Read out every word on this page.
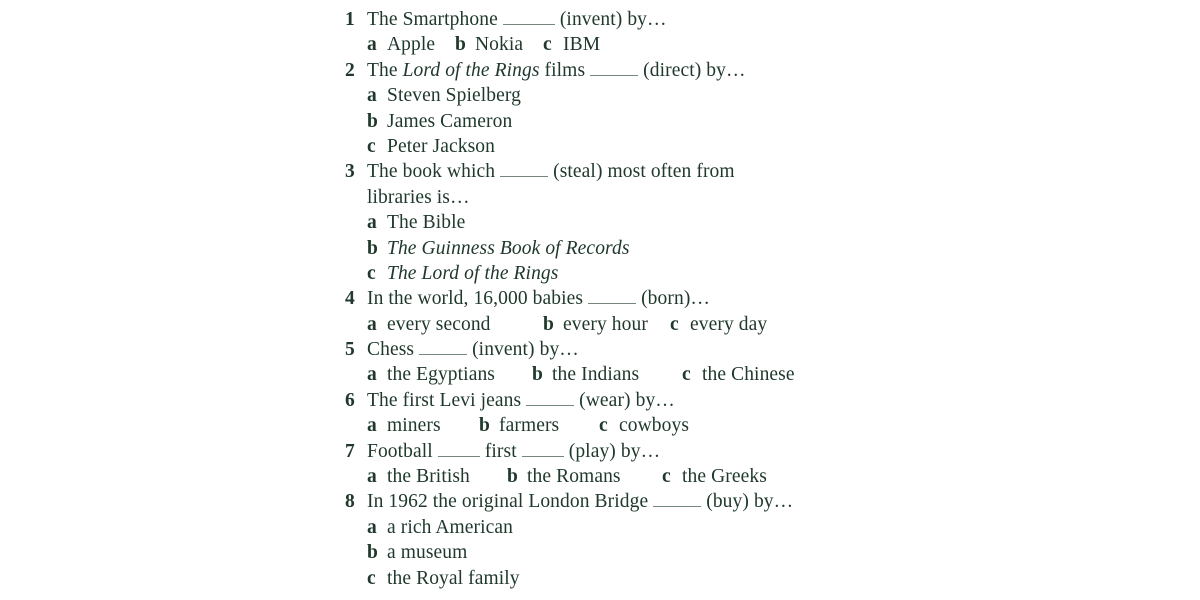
1 The Smartphone	(invent) by…
a Apple b Nokia c IBM
2 The Lord of the Rings films	(direct) by…
a Steven Spielberg
b James Cameron
c Peter Jackson
3 The book which	(steal) most often from
libraries is…
a The Bible
b The Guinness Book of Records
c The Lord of the Rings
4 In the world, 16,000 babies	(born)…
a every second	b every hour c every day
5 Chess	(invent) by…
a the Egyptians b the Indians c the Chinese
6 The first Levi jeans	(wear) by…
a miners b farmers c cowboys
7 Football	first	(play) by…
a the British b the Romans c the Greeks
8 In 1962 the original London Bridge	(buy) by…
a a rich American
b a museum
c the Royal family
